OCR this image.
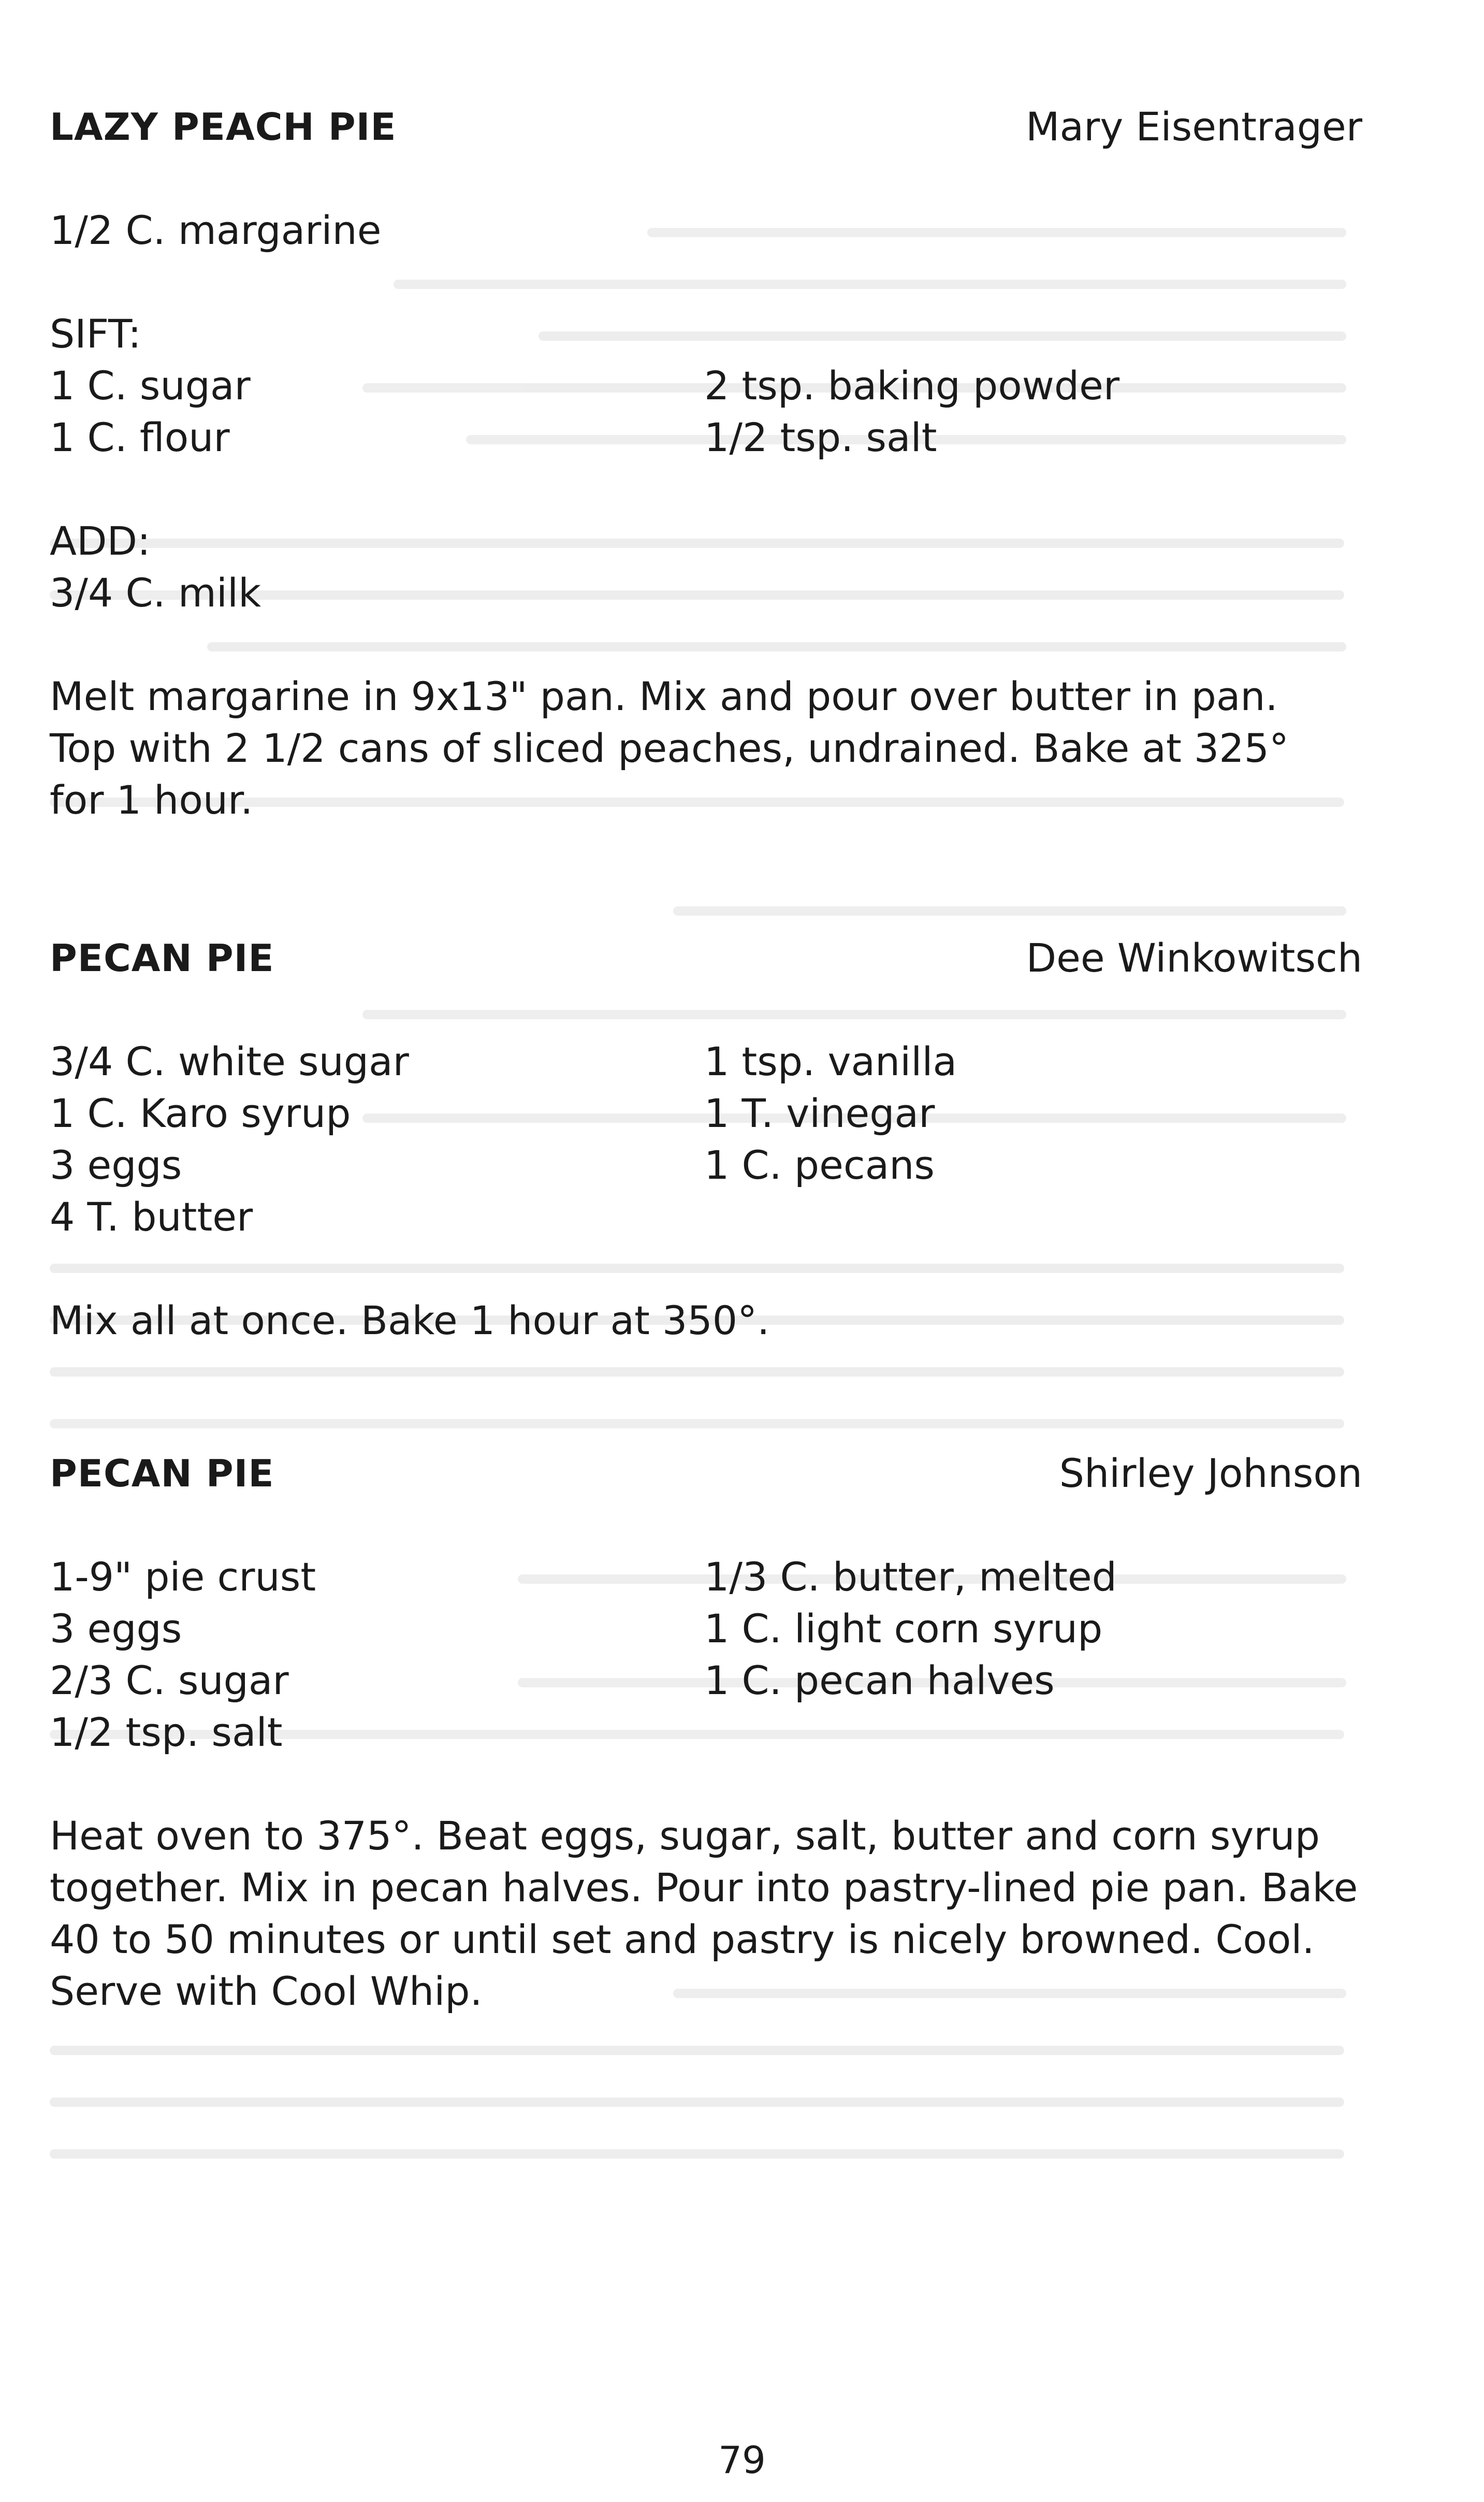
LAZY PEACH PIE	Mary Eisentrager
1/2 C. margarine
SIFT:
1 C. sugar	2 tsp. baking powder
1 C. flour	1/2 tsp. salt
ADD:
3/4 C. milk
Melt margarine in 9x13" pan. Mix and pour over butter in pan.
Top with 2 1/2 cans of sliced peaches, undrained. Bake at 325°
for 1 hour.
PECAN PIE	Dee Winkowitsch
3/4 C. white sugar	1 tsp. vanilla
1 C. Karo syrup	1 T. vinegar
3 eggs	1 C. pecans
4 T. butter
Mix all at once. Bake 1 hour at 350°.
PECAN PIE	Shirley Johnson
1-9" pie crust	1/3 C. butter, melted
3 eggs	1 C. light corn syrup
2/3 C. sugar	1 C. pecan halves
1/2 tsp. salt
Heat oven to 375°. Beat eggs, sugar, salt, butter and corn syrup
together. Mix in pecan halves. Pour into pastry-lined pie pan. Bake
40 to 50 minutes or until set and pastry is nicely browned. Cool.
Serve with Cool Whip.
79
